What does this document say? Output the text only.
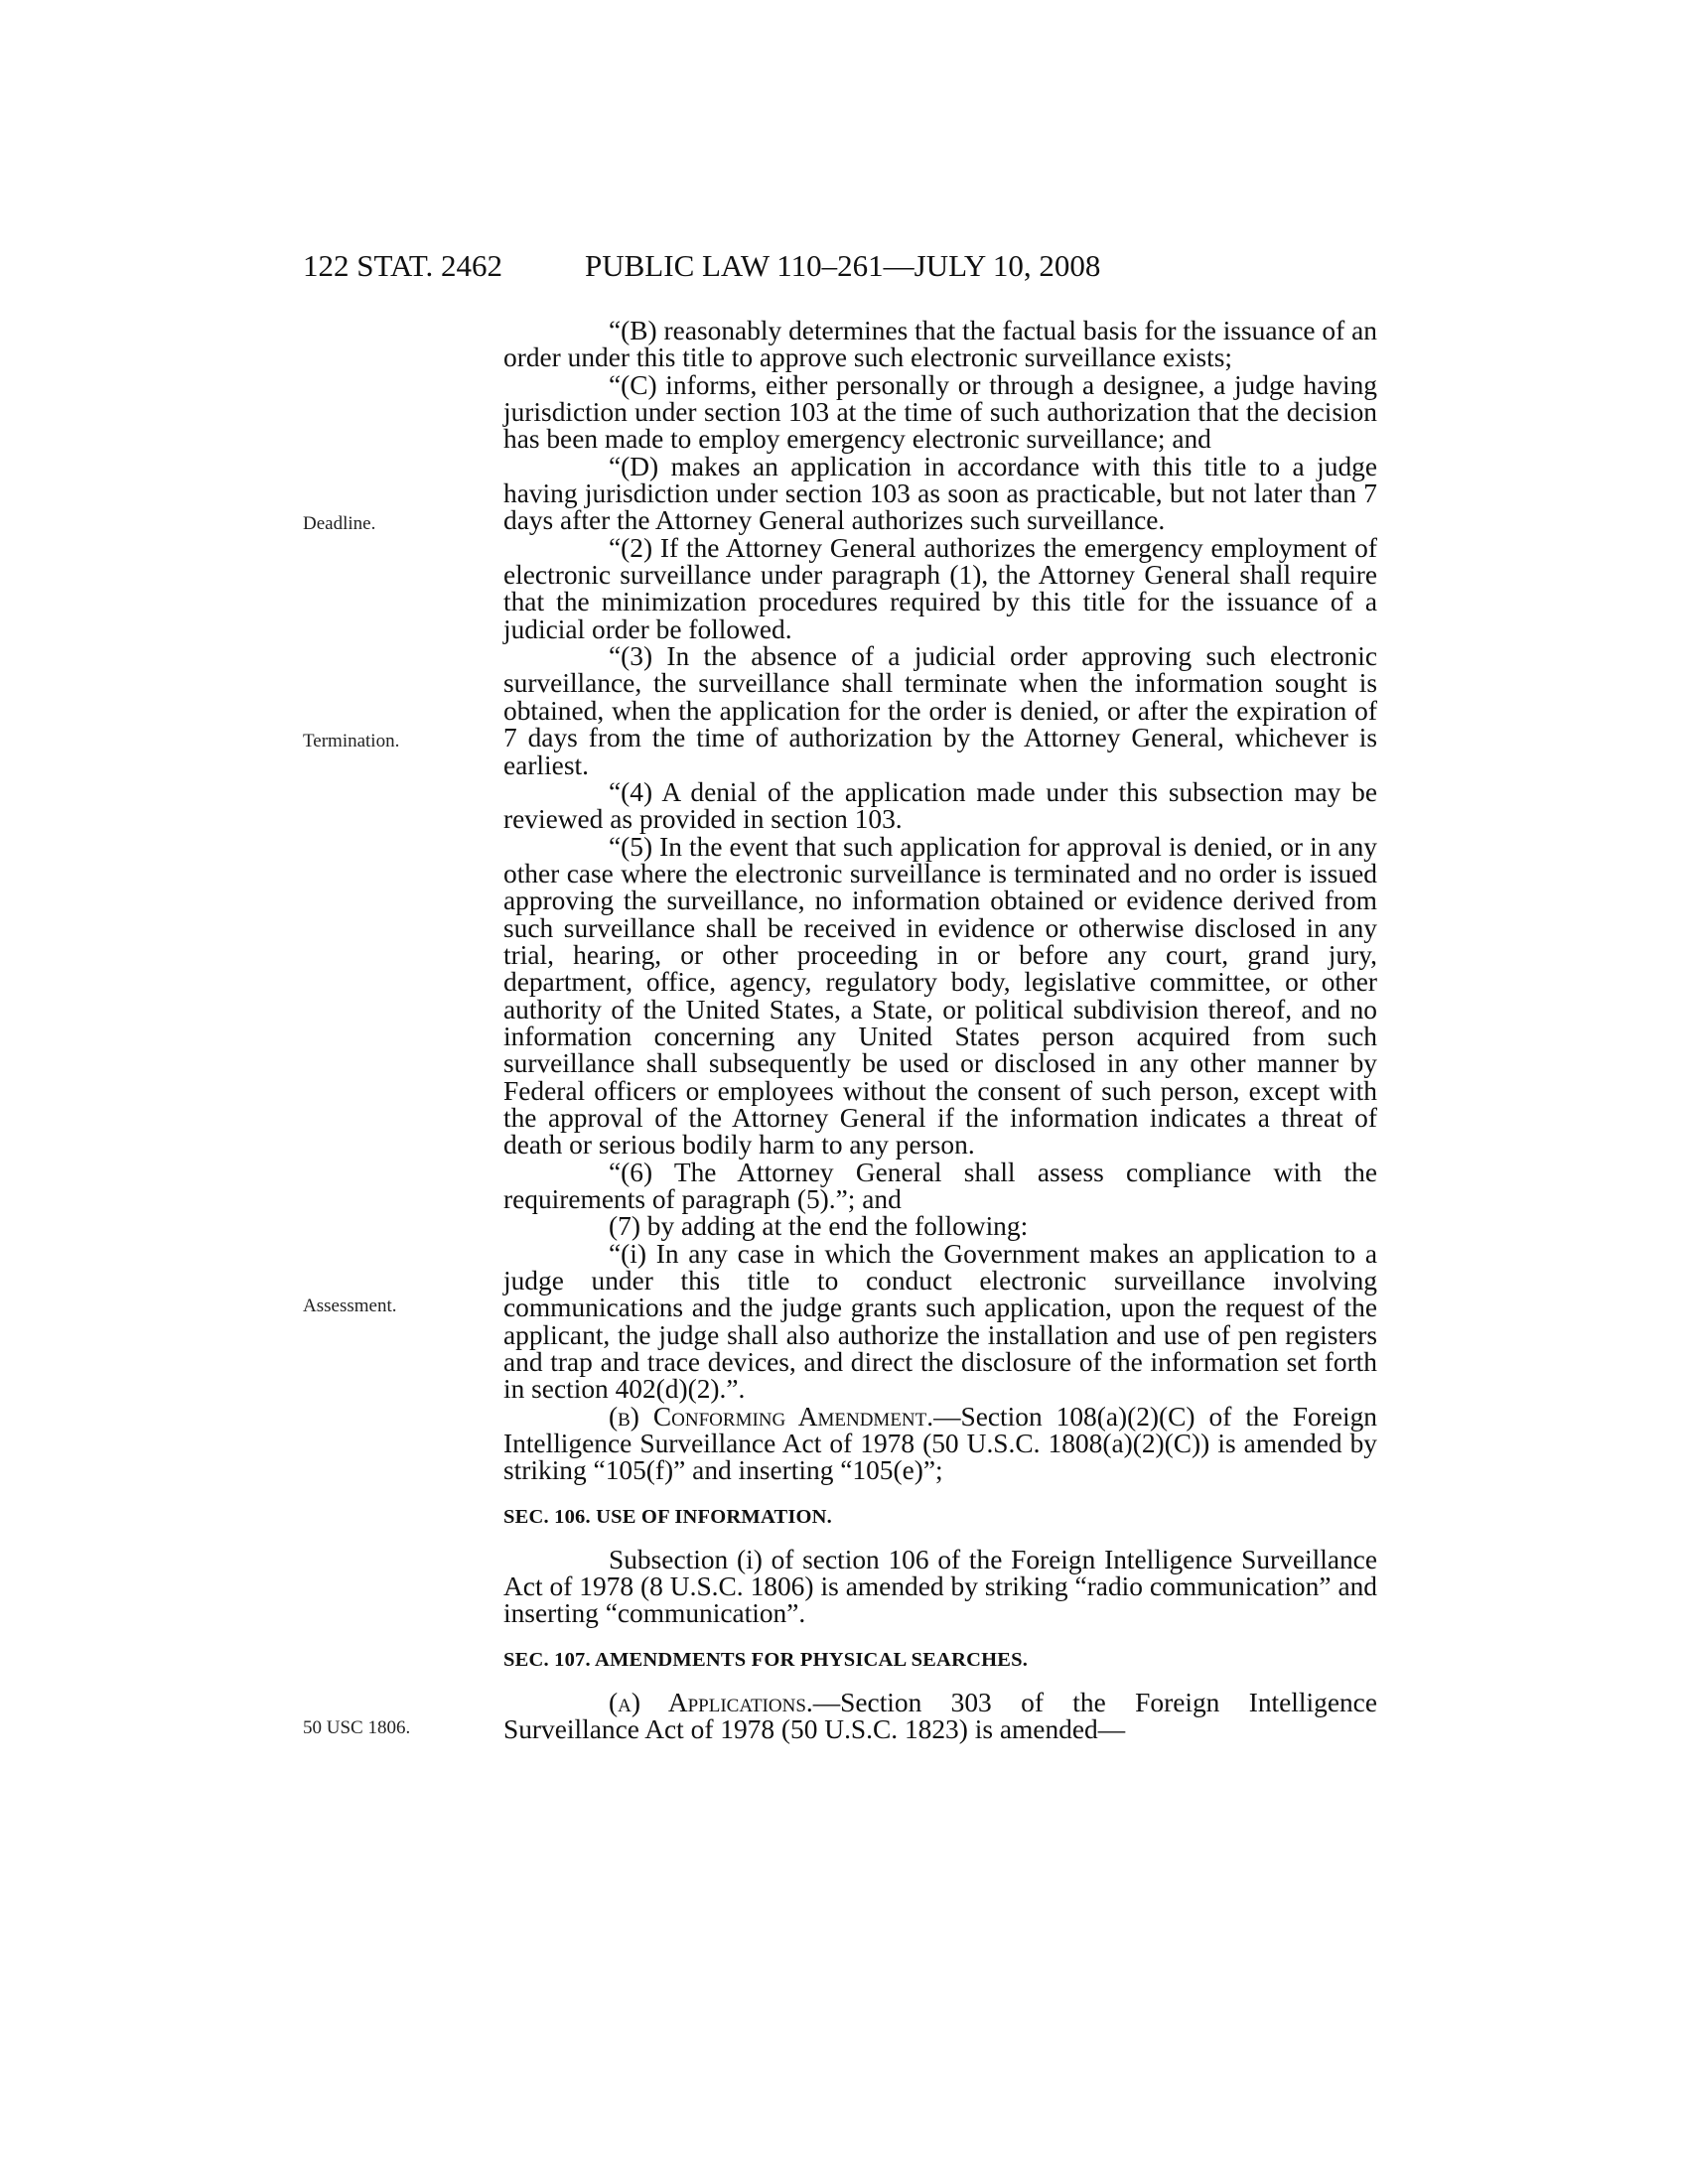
122 STAT. 2462	PUBLIC LAW 110–261—JULY 10, 2008
Deadline.
Termination.
Assessment.
50 USC 1806.

“(B) reasonably determines that the factual basis for the issuance of an order under this title to approve such electronic surveillance exists;

“(C) informs, either personally or through a designee, a judge having jurisdiction under section 103 at the time of such authorization that the decision has been made to employ emergency electronic surveillance; and

“(D) makes an application in accordance with this title to a judge having jurisdiction under section 103 as soon as practicable, but not later than 7 days after the Attorney General authorizes such surveillance.

“(2) If the Attorney General authorizes the emergency employment of electronic surveillance under paragraph (1), the Attorney General shall require that the minimization procedures required by this title for the issuance of a judicial order be followed.

“(3) In the absence of a judicial order approving such electronic surveillance, the surveillance shall terminate when the information sought is obtained, when the application for the order is denied, or after the expiration of 7 days from the time of authorization by the Attorney General, whichever is earliest.

“(4) A denial of the application made under this subsection may be reviewed as provided in section 103.

“(5) In the event that such application for approval is denied, or in any other case where the electronic surveillance is terminated and no order is issued approving the surveillance, no information obtained or evidence derived from such surveillance shall be received in evidence or otherwise disclosed in any trial, hearing, or other proceeding in or before any court, grand jury, department, office, agency, regulatory body, legislative committee, or other authority of the United States, a State, or political subdivision thereof, and no information concerning any United States person acquired from such surveillance shall subsequently be used or disclosed in any other manner by Federal officers or employees without the consent of such person, except with the approval of the Attorney General if the information indicates a threat of death or serious bodily harm to any person.

“(6) The Attorney General shall assess compliance with the requirements of paragraph (5).”; and

(7) by adding at the end the following:

“(i) In any case in which the Government makes an application to a judge under this title to conduct electronic surveillance involving communications and the judge grants such application, upon the request of the applicant, the judge shall also authorize the installation and use of pen registers and trap and trace devices, and direct the disclosure of the information set forth in section 402(d)(2).”.

(b) Conforming Amendment.—Section 108(a)(2)(C) of the Foreign Intelligence Surveillance Act of 1978 (50 U.S.C. 1808(a)(2)(C)) is amended by striking “105(f)” and inserting “105(e)”;

SEC. 106. USE OF INFORMATION.

Subsection (i) of section 106 of the Foreign Intelligence Surveillance Act of 1978 (8 U.S.C. 1806) is amended by striking “radio communication” and inserting “communication”.

SEC. 107. AMENDMENTS FOR PHYSICAL SEARCHES.

(a) Applications.—Section 303 of the Foreign Intelligence Surveillance Act of 1978 (50 U.S.C. 1823) is amended—
